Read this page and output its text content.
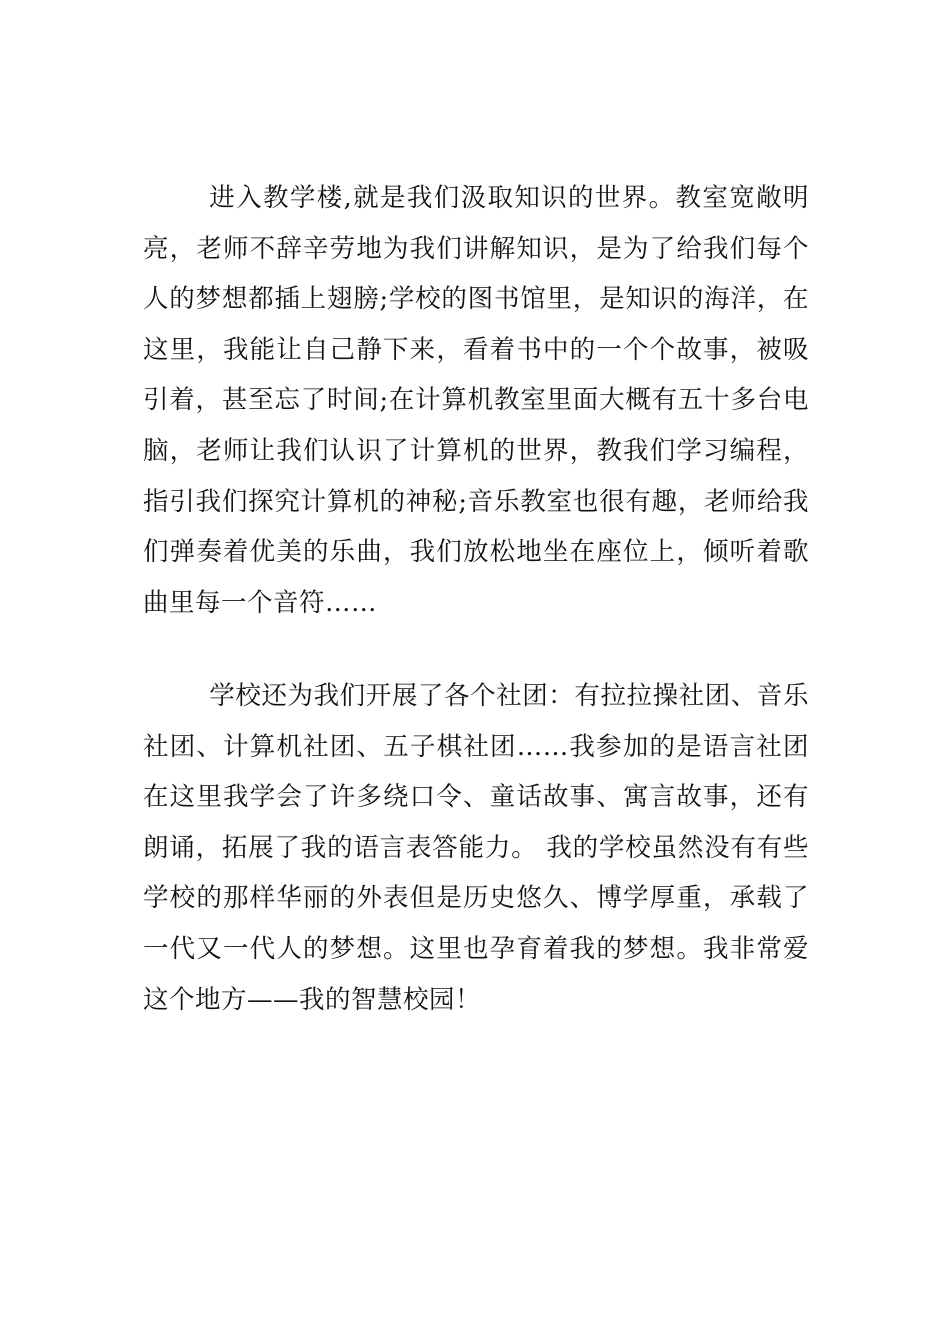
进入教学楼,就是我们汲取知识的世界。教室宽敞明亮，老师不辞辛劳地为我们讲解知识，是为了给我们每个人的梦想都插上翅膀;学校的图书馆里，是知识的海洋，在这里，我能让自己静下来，看着书中的一个个故事，被吸引着，甚至忘了时间;在计算机教室里面大概有五十多台电脑，老师让我们认识了计算机的世界，教我们学习编程，指引我们探究计算机的神秘;音乐教室也很有趣，老师给我们弹奏着优美的乐曲，我们放松地坐在座位上，倾听着歌曲里每一个音符……

学校还为我们开展了各个社团：有拉拉操社团、音乐社团、计算机社团、五子棋社团……我参加的是语言社团在这里我学会了许多绕口令、童话故事、寓言故事，还有朗诵，拓展了我的语言表答能力。 我的学校虽然没有有些学校的那样华丽的外表但是历史悠久、博学厚重，承载了一代又一代人的梦想。这里也孕育着我的梦想。我非常爱这个地方——我的智慧校园！
